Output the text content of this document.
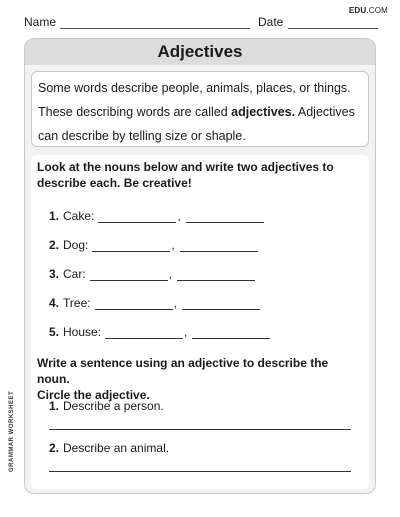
EDU.COM
Name	Date
GRAMMAR WORKSHEET
Adjectives
Some words describe people, animals, places, or things.
These describing words are called adjectives. Adjectives
can describe by telling size or shaple.
Look at the nouns below and write two adjectives to
describe each. Be creative!
1. Cake:	,
2. Dog:	,
3. Car:	,
4. Tree:	,
5. House:	,
Write a sentence using an adjective to describe the noun.
Circle the adjective.
1. Describe a person.
2. Describe an animal.
